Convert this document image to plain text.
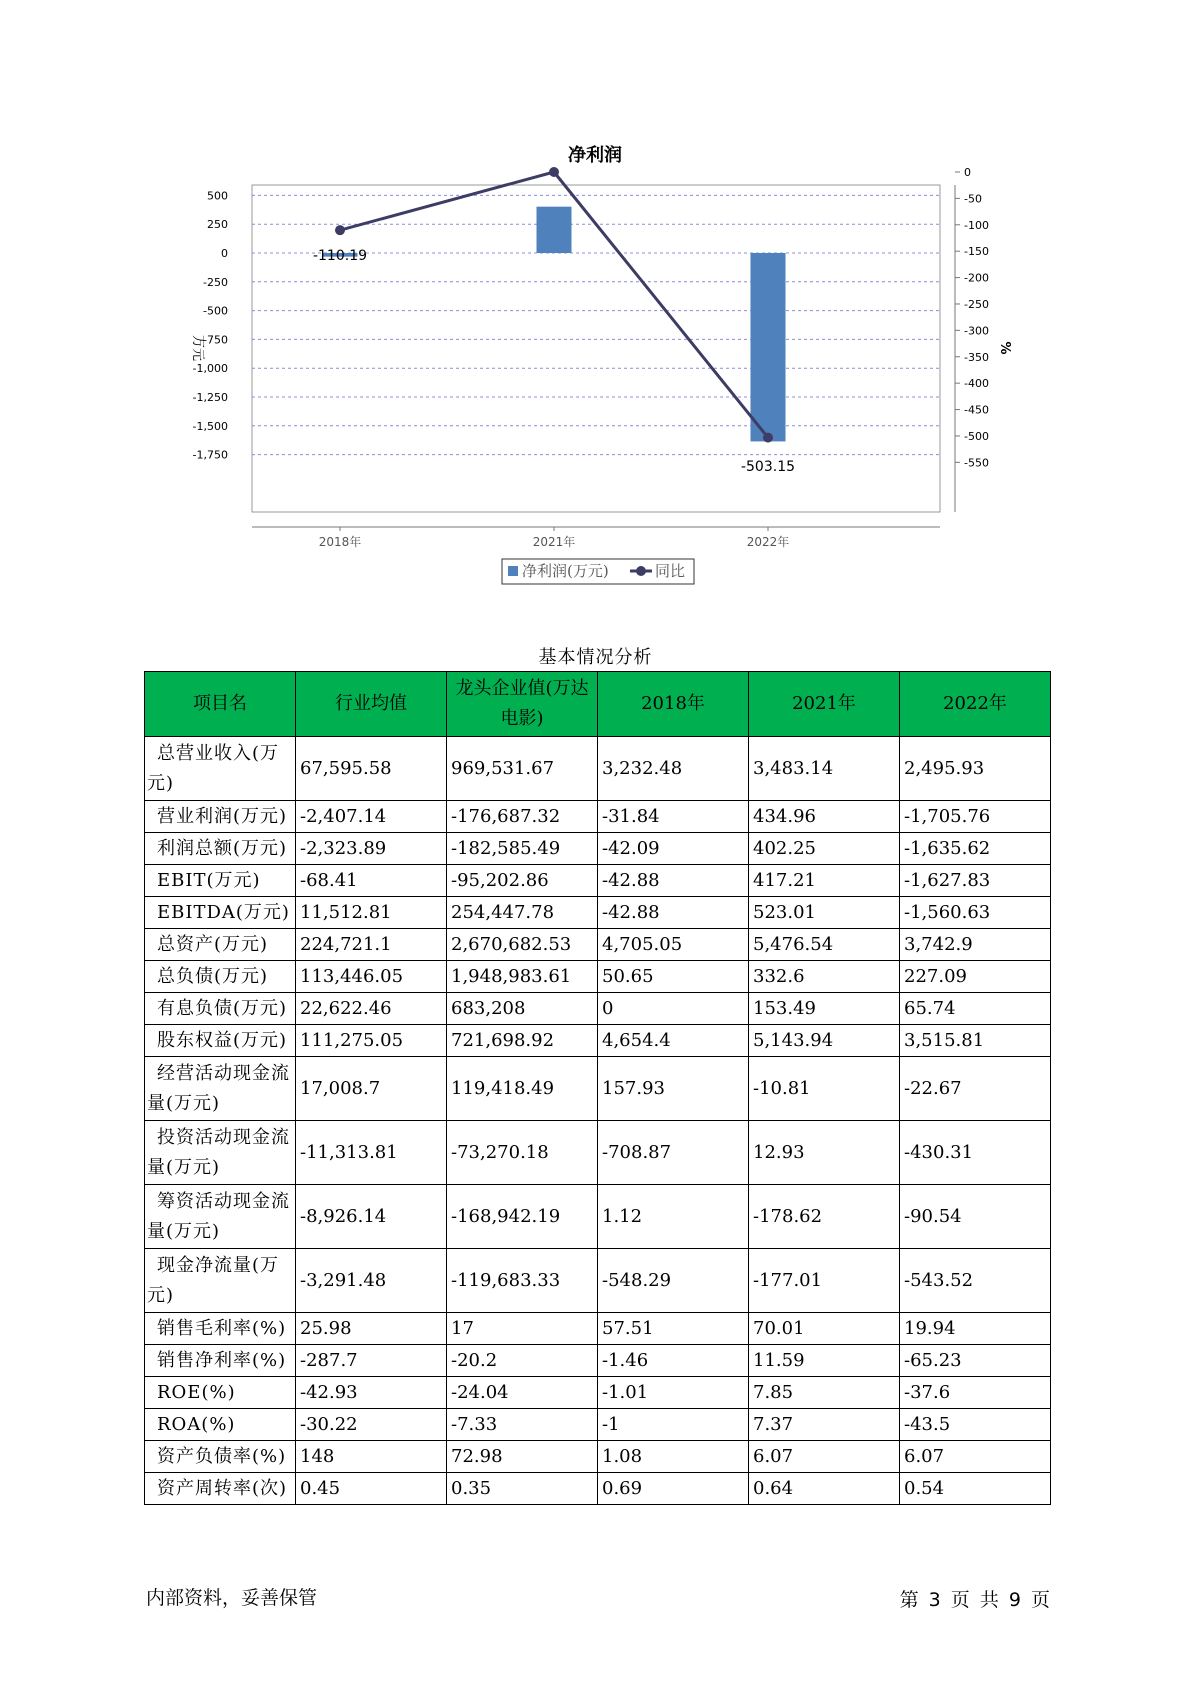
净利润
500
250
0
-250
-500
-750
-1,000
-1,250
-1,500
-1,750
0
-50
-100
-150
-200
-250
-300
-350
-400
-450
-500
-550
-110.19
-503.15
2018年	2021年	2022年
万元	%
净利润(万元)	同比
基本情况分析
项目名	行业均值	龙头企业值(万达电影)	2018年	2021年	2022年
总营业收入(万元)	67,595.58	969,531.67	3,232.48	3,483.14	2,495.93
营业利润(万元)	-2,407.14	-176,687.32	-31.84	434.96	-1,705.76
利润总额(万元)	-2,323.89	-182,585.49	-42.09	402.25	-1,635.62
EBIT(万元)	-68.41	-95,202.86	-42.88	417.21	-1,627.83
EBITDA(万元)	11,512.81	254,447.78	-42.88	523.01	-1,560.63
总资产(万元)	224,721.1	2,670,682.53	4,705.05	5,476.54	3,742.9
总负债(万元)	113,446.05	1,948,983.61	50.65	332.6	227.09
有息负债(万元)	22,622.46	683,208	0	153.49	65.74
股东权益(万元)	111,275.05	721,698.92	4,654.4	5,143.94	3,515.81
经营活动现金流量(万元)	17,008.7	119,418.49	157.93	-10.81	-22.67
投资活动现金流量(万元)	-11,313.81	-73,270.18	-708.87	12.93	-430.31
筹资活动现金流量(万元)	-8,926.14	-168,942.19	1.12	-178.62	-90.54
现金净流量(万元)	-3,291.48	-119,683.33	-548.29	-177.01	-543.52
销售毛利率(%)	25.98	17	57.51	70.01	19.94
销售净利率(%)	-287.7	-20.2	-1.46	11.59	-65.23
ROE(%)	-42.93	-24.04	-1.01	7.85	-37.6
ROA(%)	-30.22	-7.33	-1	7.37	-43.5
资产负债率(%)	148	72.98	1.08	6.07	6.07
资产周转率(次)	0.45	0.35	0.69	0.64	0.54
内部资料，妥善保管	第 3 页 共 9 页
